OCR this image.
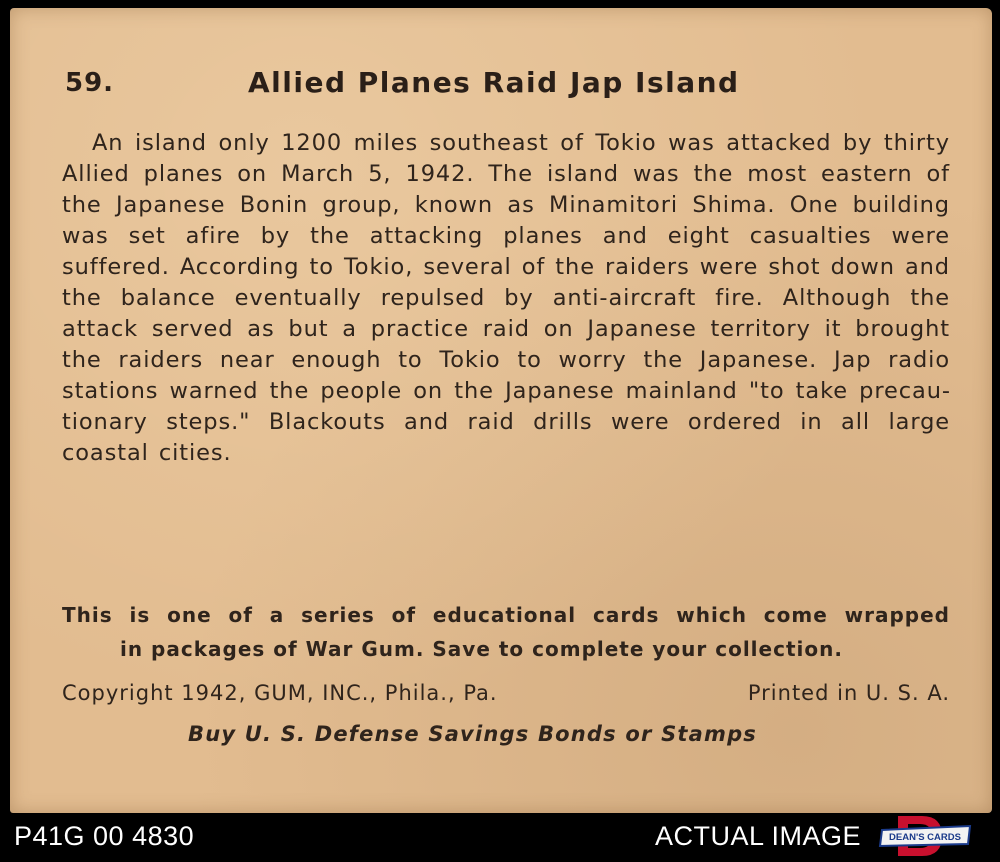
59.	Allied Planes Raid Jap Island

An island only 1200 miles southeast of Tokio was attacked by thirty Allied planes on March 5, 1942. The island was the most eastern of the Japanese Bonin group, known as Minamitori Shima. One building was set afire by the attacking planes and eight casualties were suffered. According to Tokio, several of the raiders were shot down and the balance eventually repulsed by anti-aircraft fire. Although the attack served as but a practice raid on Japanese territory it brought the raiders near enough to Tokio to worry the Japanese. Jap radio stations warned the people on the Japanese mainland "to take precautionary steps." Blackouts and raid drills were ordered in all large coastal cities.

This is one of a series of educational cards which come wrapped
in packages of War Gum. Save to complete your collection.
Copyright 1942, GUM, INC., Phila., Pa.	Printed in U. S. A.
Buy U. S. Defense Savings Bonds or Stamps
P41G 00 4830	ACTUAL IMAGE	DEAN'S CARDS
